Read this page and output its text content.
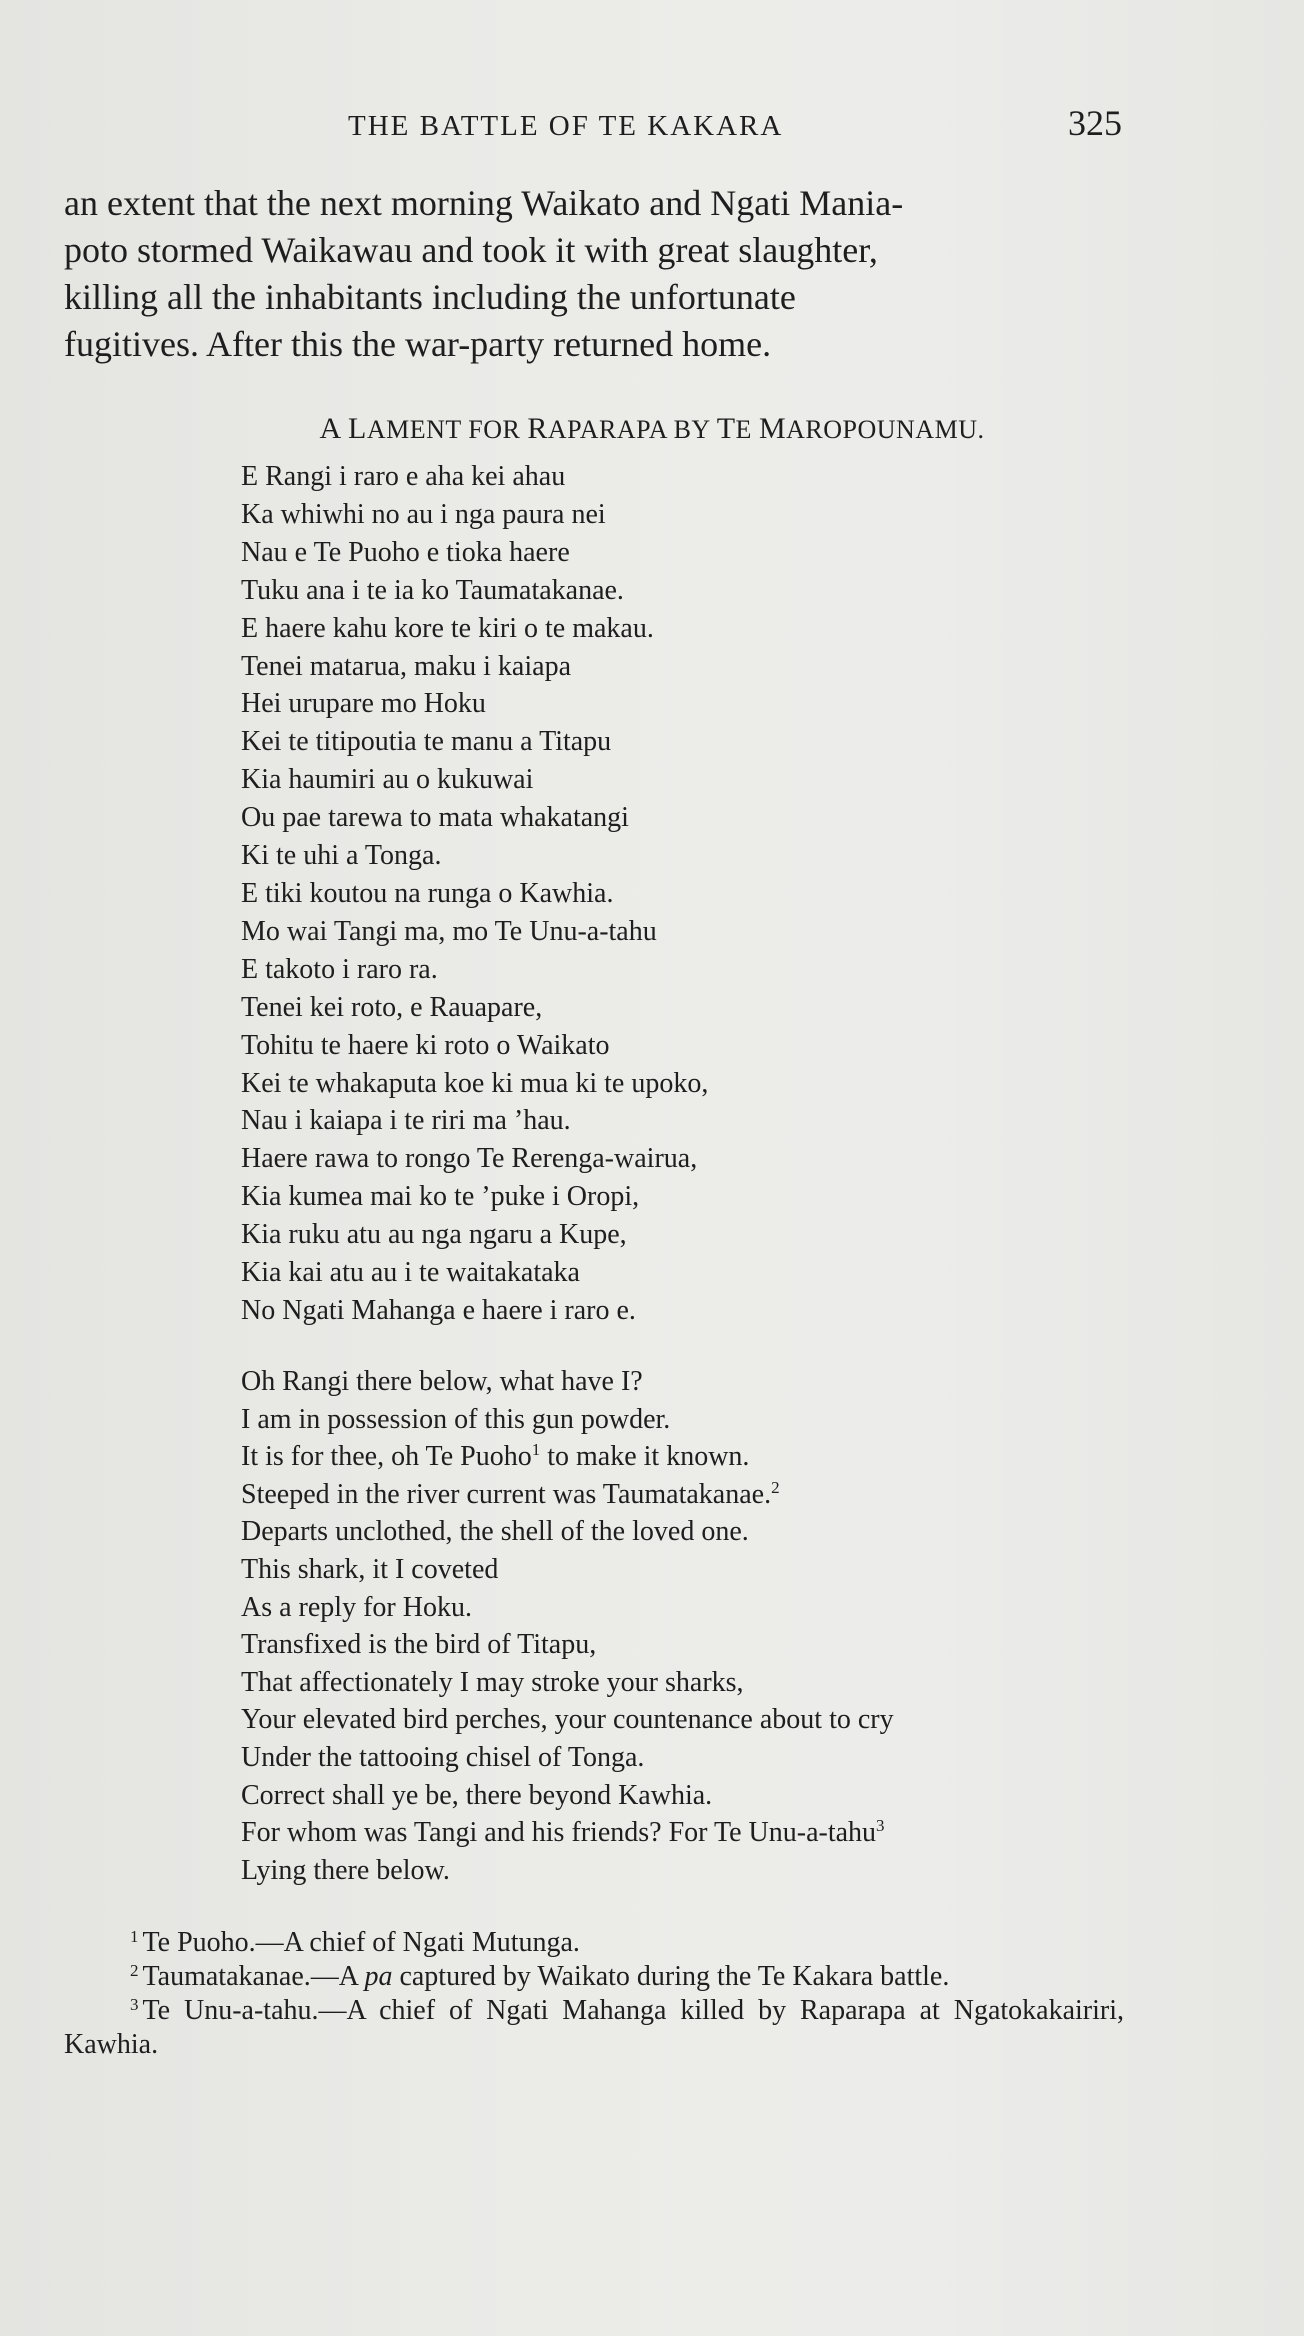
THE BATTLE OF TE KAKARA	325

an extent that the next morning Waikato and Ngati Mania-

poto stormed Waikawau and took it with great slaughter,

killing all the inhabitants including the unfortunate

fugitives. After this the war-party returned home.

A LAMENT FOR RAPARAPA BY TE MAROPOUNAMU.
E Rangi i raro e aha kei ahau
Ka whiwhi no au i nga paura nei
Nau e Te Puoho e tioka haere
Tuku ana i te ia ko Taumatakanae.
E haere kahu kore te kiri o te makau.
Tenei matarua, maku i kaiapa
Hei urupare mo Hoku
Kei te titipoutia te manu a Titapu
Kia haumiri au o kukuwai
Ou pae tarewa to mata whakatangi
Ki te uhi a Tonga.
E tiki koutou na runga o Kawhia.
Mo wai Tangi ma, mo Te Unu-a-tahu
E takoto i raro ra.
Tenei kei roto, e Rauapare,
Tohitu te haere ki roto o Waikato
Kei te whakaputa koe ki mua ki te upoko,
Nau i kaiapa i te riri ma ’hau.
Haere rawa to rongo Te Rerenga-wairua,
Kia kumea mai ko te ’puke i Oropi,
Kia ruku atu au nga ngaru a Kupe,
Kia kai atu au i te waitakataka
No Ngati Mahanga e haere i raro e.
Oh Rangi there below, what have I?
I am in possession of this gun powder.
It is for thee, oh Te Puoho$^1$ to make it known.
Steeped in the river current was Taumatakanae.$^2$
Departs unclothed, the shell of the loved one.
This shark, it I coveted
As a reply for Hoku.
Transfixed is the bird of Titapu,
That affectionately I may stroke your sharks,
Your elevated bird perches, your countenance about to cry
Under the tattooing chisel of Tonga.
Correct shall ye be, there beyond Kawhia.
For whom was Tangi and his friends? For Te Unu-a-tahu$^3$
Lying there below.
$^1$ Te Puoho.—A chief of Ngati Mutunga.
$^2$ Taumatakanae.—A pa captured by Waikato during the Te Kakara battle.
$^3$ Te Unu-a-tahu.—A chief of Ngati Mahanga killed by Raparapa at Ngatokakairiri, Kawhia.
